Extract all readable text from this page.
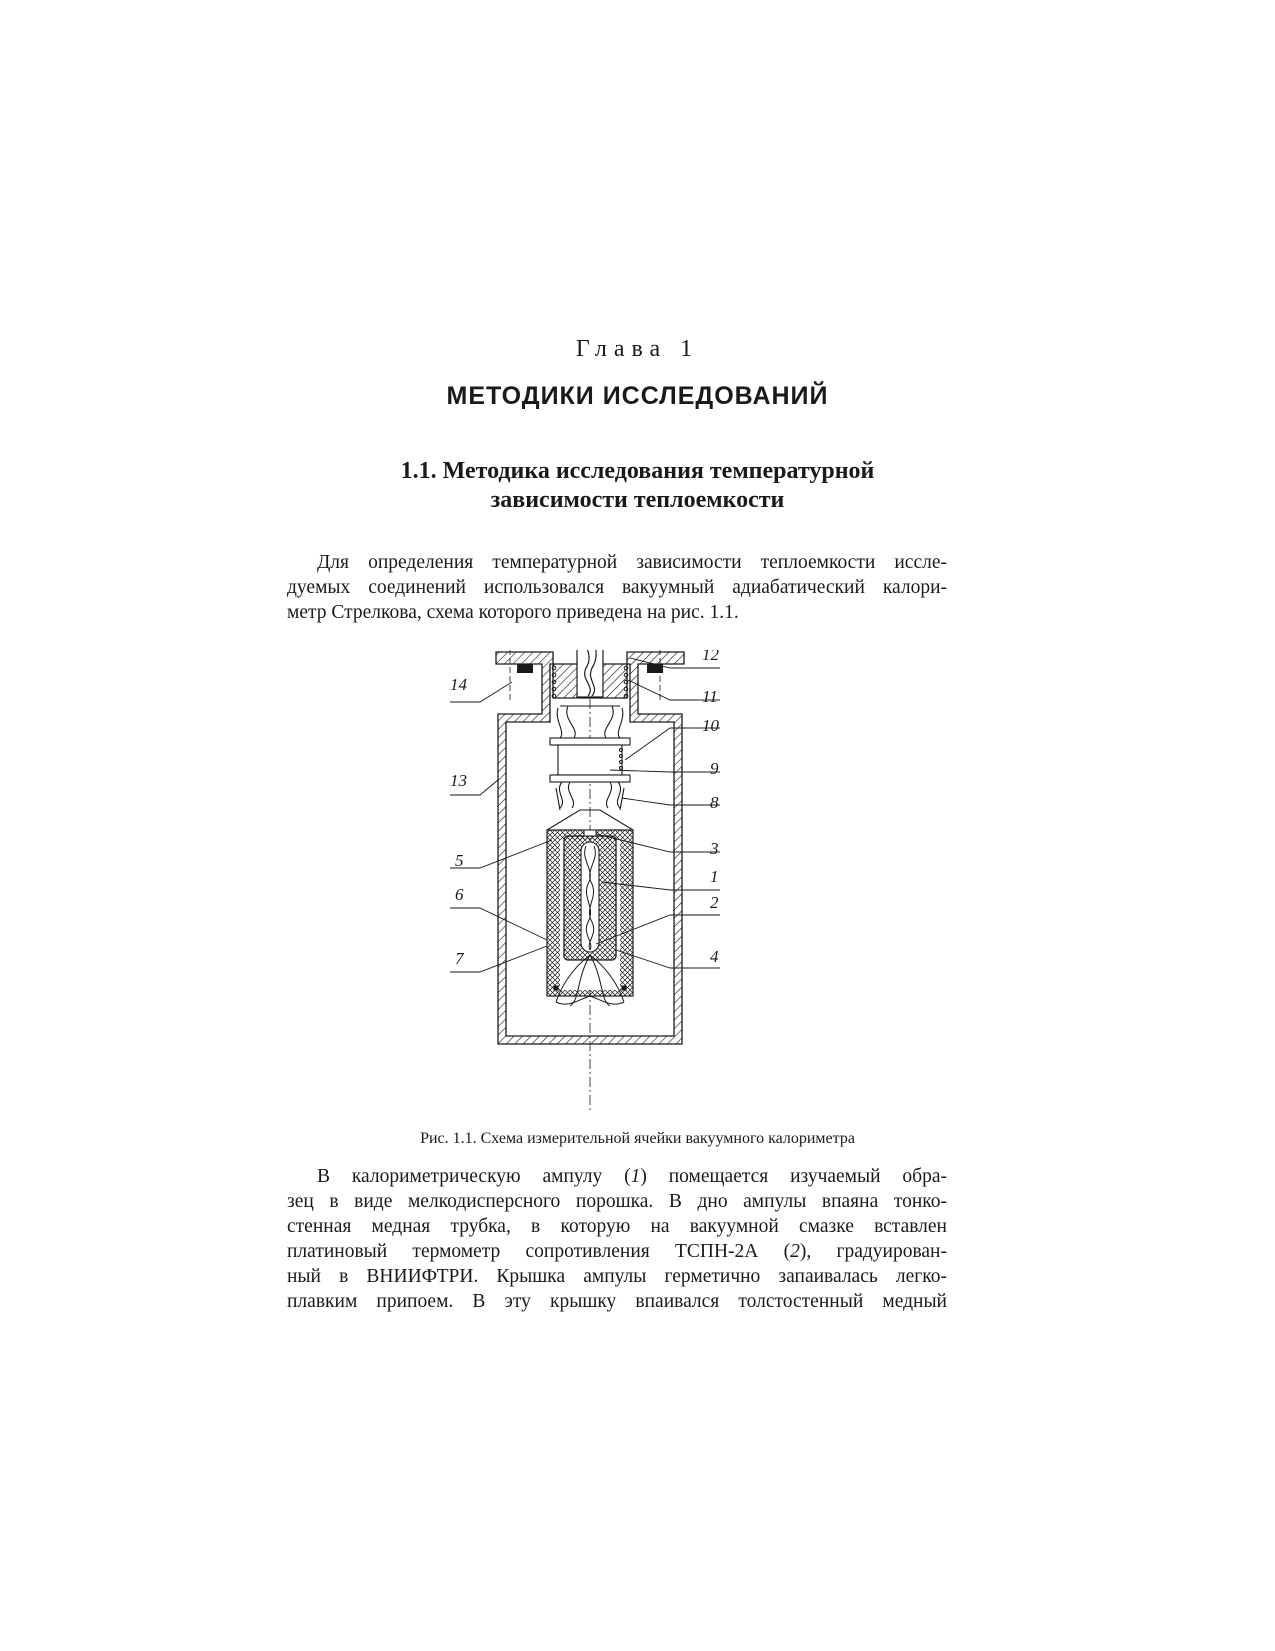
Глава 1
МЕТОДИКИ ИССЛЕДОВАНИЙ
1.1. Методика исследования температурной
зависимости теплоемкости
Для определения температурной зависимости теплоемкости иссле-
дуемых соединений использовался вакуумный адиабатический калори-
метр Стрелкова, схема которого приведена на рис. 1.1.
12
11
10
9
8
3
1
2
4
14
13
5
6
7
Рис. 1.1. Схема измерительной ячейки вакуумного калориметра
В калориметрическую ампулу (1) помещается изучаемый обра-
зец в виде мелкодисперсного порошка. В дно ампулы впаяна тонко-
стенная медная трубка, в которую на вакуумной смазке вставлен
платиновый термометр сопротивления ТСПН-2А (2), градуирован-
ный в ВНИИФТРИ. Крышка ампулы герметично запаивалась легко-
плавким припоем. В эту крышку впаивался толстостенный медный
